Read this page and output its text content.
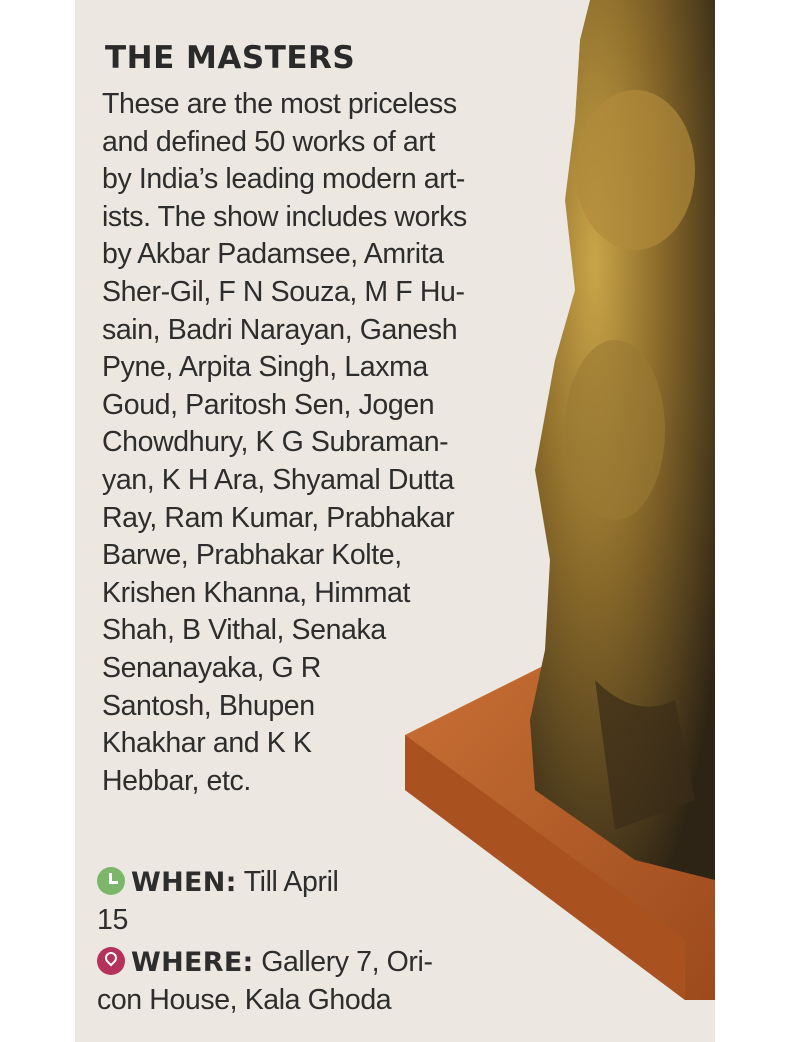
THE MASTERS
These are the most priceless
and defined 50 works of art
by India’s leading modern art-
ists. The show includes works
by Akbar Padamsee, Amrita
Sher-Gil, F N Souza, M F Hu-
sain, Badri Narayan, Ganesh
Pyne, Arpita Singh, Laxma
Goud, Paritosh Sen, Jogen
Chowdhury, K G Subraman-
yan, K H Ara, Shyamal Dutta
Ray, Ram Kumar, Prabhakar
Barwe, Prabhakar Kolte,
Krishen Khanna, Himmat
Shah, B Vithal, Senaka
Senanayaka, G R
Santosh, Bhupen
Khakhar and K K
Hebbar, etc.
WHEN: Till April
15
WHERE: Gallery 7, Ori-
con House, Kala Ghoda
